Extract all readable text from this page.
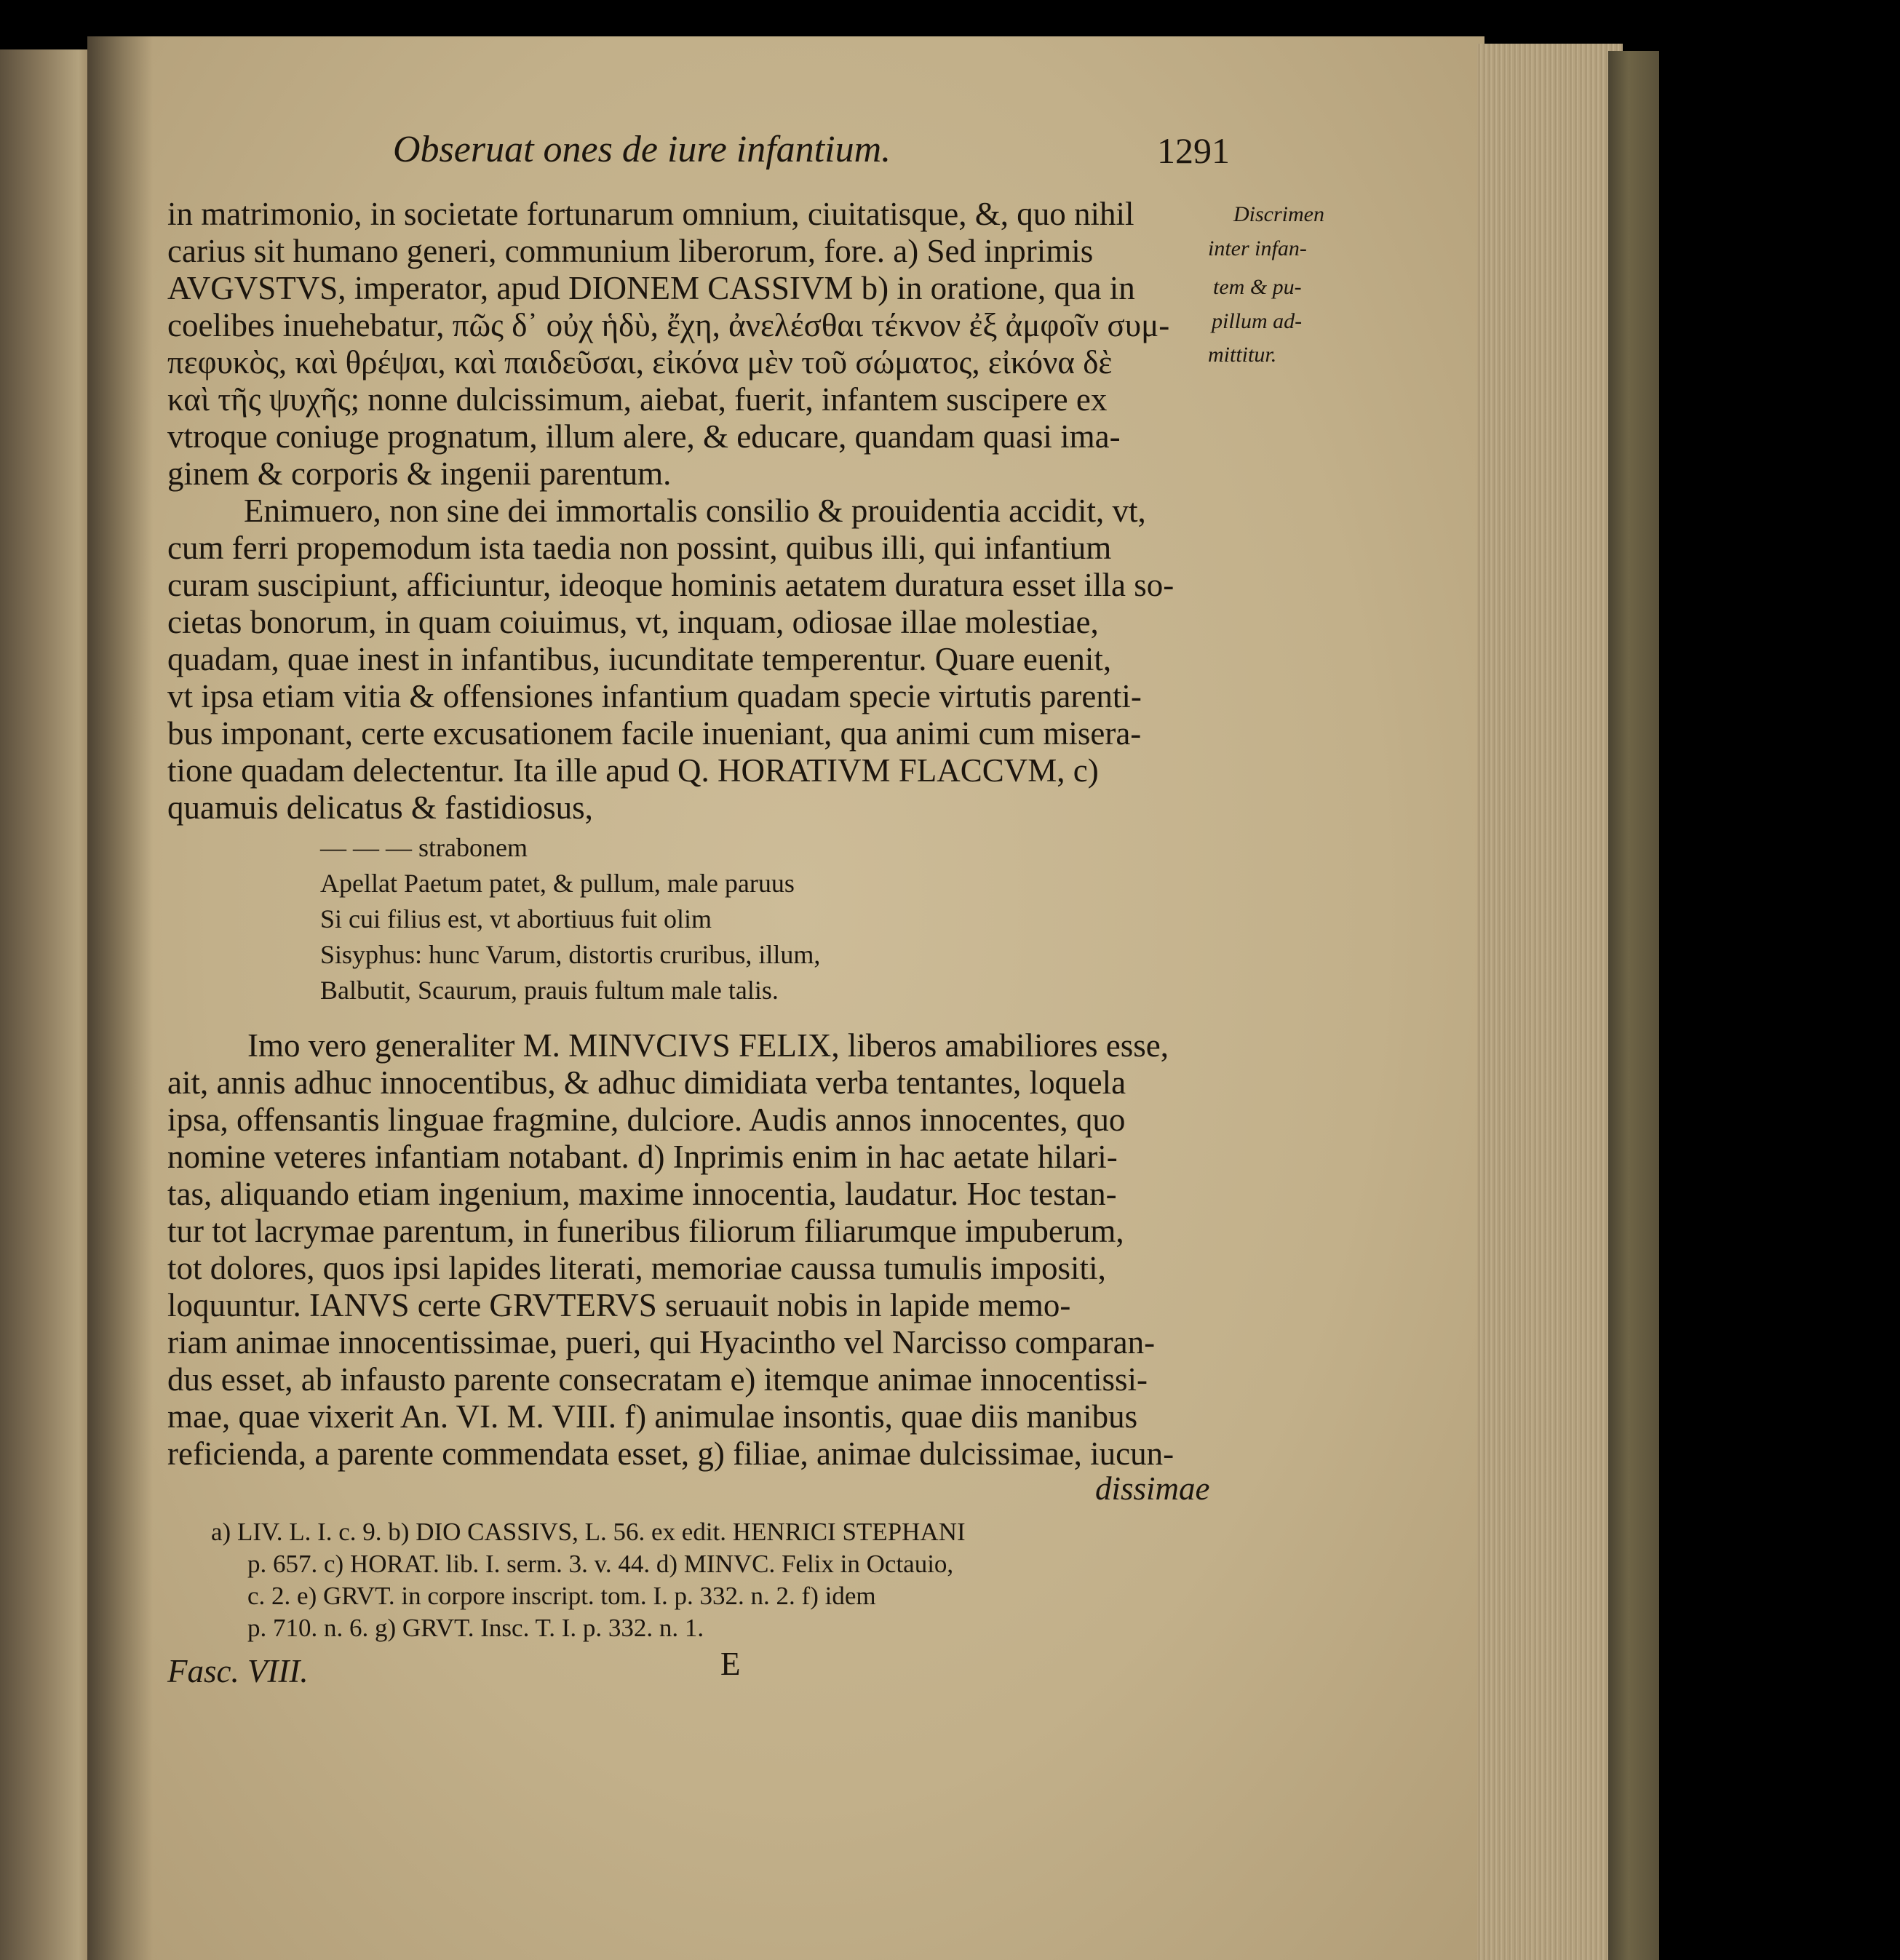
Obseruat ones de iure infantium.	1291
Discrimen
inter infan-
tem & pu-
pillum ad-
mittitur.
in matrimonio, in societate fortunarum omnium, ciuitatisque, &, quo nihil
carius sit humano generi, communium liberorum, fore. a) Sed inprimis
AVGVSTVS, imperator, apud DIONEM CASSIVM b) in oratione, qua in
coelibes inuehebatur, πῶς δ᾽ οὐχ ἡδὺ, ἔχη, ἀνελέσθαι τέκνον ἐξ ἀμφοῖν συμ-
πεφυκὸς, καὶ θρέψαι, καὶ παιδεῦσαι, εἰκόνα μὲν τοῦ σώματος, εἰκόνα δὲ
καὶ τῆς ψυχῆς; nonne dulcissimum, aiebat, fuerit, infantem suscipere ex
vtroque coniuge prognatum, illum alere, & educare, quandam quasi ima-
ginem & corporis & ingenii parentum.
Enimuero, non sine dei immortalis consilio & prouidentia accidit, vt,
cum ferri propemodum ista taedia non possint, quibus illi, qui infantium
curam suscipiunt, afficiuntur, ideoque hominis aetatem duratura esset illa so-
cietas bonorum, in quam coiuimus, vt, inquam, odiosae illae molestiae,
quadam, quae inest in infantibus, iucunditate temperentur. Quare euenit,
vt ipsa etiam vitia & offensiones infantium quadam specie virtutis parenti-
bus imponant, certe excusationem facile inueniant, qua animi cum misera-
tione quadam delectentur. Ita ille apud Q. HORATIVM FLACCVM, c)
quamuis delicatus & fastidiosus,
— — — strabonem
Apellat Paetum patet, & pullum, male paruus
Si cui filius est, vt abortiuus fuit olim
Sisyphus: hunc Varum, distortis cruribus, illum,
Balbutit, Scaurum, prauis fultum male talis.
Imo vero generaliter M. MINVCIVS FELIX, liberos amabiliores esse,
ait, annis adhuc innocentibus, & adhuc dimidiata verba tentantes, loquela
ipsa, offensantis linguae fragmine, dulciore. Audis annos innocentes, quo
nomine veteres infantiam notabant. d) Inprimis enim in hac aetate hilari-
tas, aliquando etiam ingenium, maxime innocentia, laudatur. Hoc testan-
tur tot lacrymae parentum, in funeribus filiorum filiarumque impuberum,
tot dolores, quos ipsi lapides literati, memoriae caussa tumulis impositi,
loquuntur. IANVS certe GRVTERVS seruauit nobis in lapide memo-
riam animae innocentissimae, pueri, qui Hyacintho vel Narcisso comparan-
dus esset, ab infausto parente consecratam e) itemque animae innocentissi-
mae, quae vixerit An. VI. M. VIII. f) animulae insontis, quae diis manibus
reficienda, a parente commendata esset, g) filiae, animae dulcissimae, iucun-
dissimae
a) LIV. L. I. c. 9. b) DIO CASSIVS, L. 56. ex edit. HENRICI STEPHANI
p. 657. c) HORAT. lib. I. serm. 3. v. 44. d) MINVC. Felix in Octauio,
c. 2. e) GRVT. in corpore inscript. tom. I. p. 332. n. 2. f) idem
p. 710. n. 6. g) GRVT. Insc. T. I. p. 332. n. 1.
Fasc. VIII.	E
